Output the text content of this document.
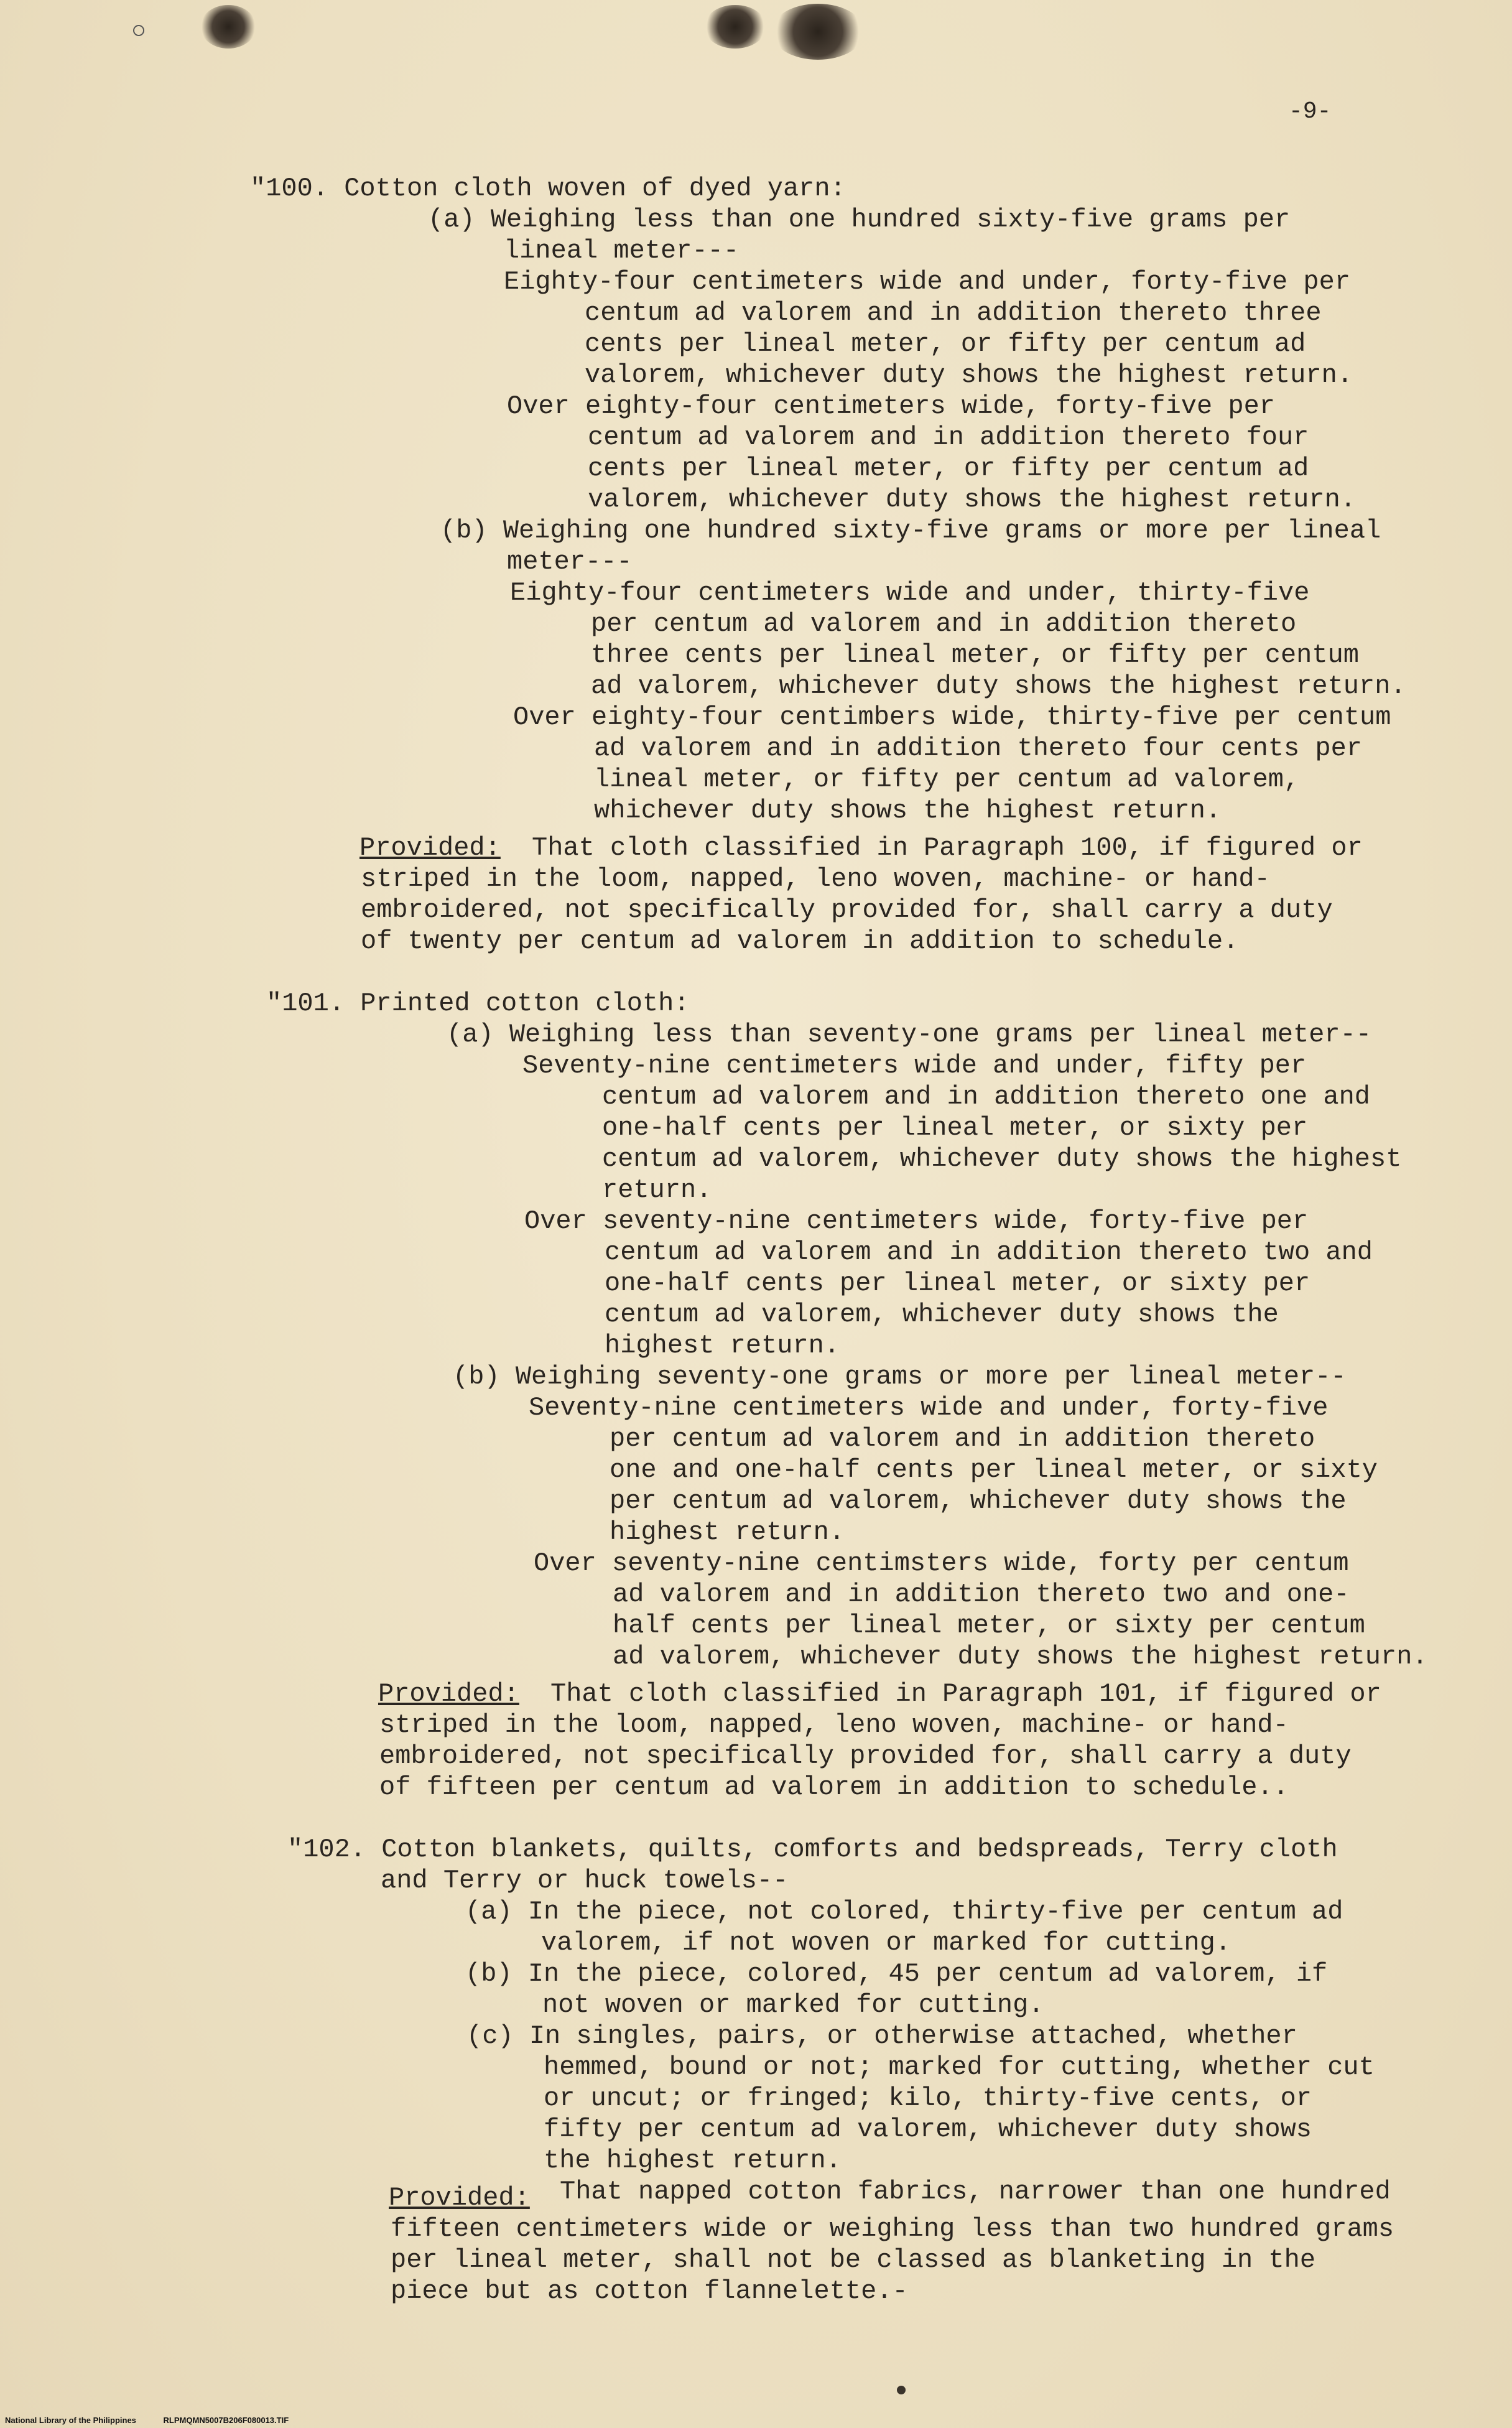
-9-
"100. Cotton cloth woven of dyed yarn:
(a) Weighing less than one hundred sixty-five grams per
lineal meter---
Eighty-four centimeters wide and under, forty-five per
centum ad valorem and in addition thereto three
cents per lineal meter, or fifty per centum ad
valorem, whichever duty shows the highest return.
Over eighty-four centimeters wide, forty-five per
centum ad valorem and in addition thereto four
cents per lineal meter, or fifty per centum ad
valorem, whichever duty shows the highest return.
(b) Weighing one hundred sixty-five grams or more per lineal
meter---
Eighty-four centimeters wide and under, thirty-five
per centum ad valorem and in addition thereto
three cents per lineal meter, or fifty per centum
ad valorem, whichever duty shows the highest return.
Over eighty-four centimbers wide, thirty-five per centum
ad valorem and in addition thereto four cents per
lineal meter, or fifty per centum ad valorem,
whichever duty shows the highest return.
Provided: That cloth classified in Paragraph 100, if figured or
striped in the loom, napped, leno woven, machine- or hand-
embroidered, not specifically provided for, shall carry a duty
of twenty per centum ad valorem in addition to schedule.
"101. Printed cotton cloth:
(a) Weighing less than seventy-one grams per lineal meter--
Seventy-nine centimeters wide and under, fifty per
centum ad valorem and in addition thereto one and
one-half cents per lineal meter, or sixty per
centum ad valorem, whichever duty shows the highest
return.
Over seventy-nine centimeters wide, forty-five per
centum ad valorem and in addition thereto two and
one-half cents per lineal meter, or sixty per
centum ad valorem, whichever duty shows the
highest return.
(b) Weighing seventy-one grams or more per lineal meter--
Seventy-nine centimeters wide and under, forty-five
per centum ad valorem and in addition thereto
one and one-half cents per lineal meter, or sixty
per centum ad valorem, whichever duty shows the
highest return.
Over seventy-nine centimsters wide, forty per centum
ad valorem and in addition thereto two and one-
half cents per lineal meter, or sixty per centum
ad valorem, whichever duty shows the highest return.
Provided: That cloth classified in Paragraph 101, if figured or
striped in the loom, napped, leno woven, machine- or hand-
embroidered, not specifically provided for, shall carry a duty
of fifteen per centum ad valorem in addition to schedule..
"102. Cotton blankets, quilts, comforts and bedspreads, Terry cloth
and Terry or huck towels--
(a) In the piece, not colored, thirty-five per centum ad
valorem, if not woven or marked for cutting.
(b) In the piece, colored, 45 per centum ad valorem, if
not woven or marked for cutting.
(c) In singles, pairs, or otherwise attached, whether
hemmed, bound or not; marked for cutting, whether cut
or uncut; or fringed; kilo, thirty-five cents, or
fifty per centum ad valorem, whichever duty shows
the highest return.
Provided: That napped cotton fabrics, narrower than one hundred
fifteen centimeters wide or weighing less than two hundred grams
per lineal meter, shall not be classed as blanketing in the
piece but as cotton flannelette.-
National Library of the Philippines	RLPMQMN5007B206F080013.TIF
